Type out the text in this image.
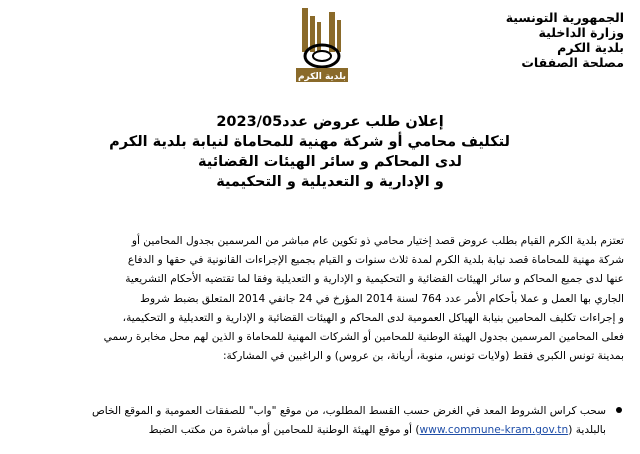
الجمهورية التونسية
وزارة الداخلية
بلدية الكرم
مصلحة الصفقات
بلدية الكرم
إعلان طلب عروض عدد2023/05
لتكليف محامي أو شركة مهنية للمحاماة لنيابة بلدية الكرم
لدى المحاكم و سائر الهيئات القضائية
و الإدارية و التعديلية و التحكيمية

تعتزم بلدية الكرم القيام بطلب عروض قصد إختيار محامي ذو تكوين عام مباشر من المرسمين بجدول المحامين أو

شركة مهنية للمحاماة قصد نيابة بلدية الكرم لمدة ثلاث سنوات و القيام بجميع الإجراءات القانونية في حقها و الدفاع

عنها لدى جميع المحاكم و سائر الهيئات القضائية و التحكيمية و الإدارية و التعديلية وفقا لما تقتضيه الأحكام التشريعية

الجاري بها العمل و عملا بأحكام الأمر عدد 764 لسنة 2014 المؤرخ في 24 جانفي 2014 المتعلق بضبط شروط

و إجراءات تكليف المحامين بنيابة الهياكل العمومية لدى المحاكم و الهيئات القضائية و الإدارية و التعديلية و التحكيمية،

فعلى المحامين المرسمين بجدول الهيئة الوطنية للمحامين أو الشركات المهنية للمحاماة و الذين لهم محل مخابرة رسمي

بمدينة تونس الكبرى فقط (ولايات تونس، منوبة، أريانة، بن عروس) و الراغبين في المشاركة:

سحب كراس الشروط المعد في الغرض حسب القسط المطلوب، من موقع "واب" للصفقات العمومية و الموقع الخاص

بالبلدية (www.commune-kram.gov.tn) أو موقع الهيئة الوطنية للمحامين أو مباشرة من مكتب الضبط
